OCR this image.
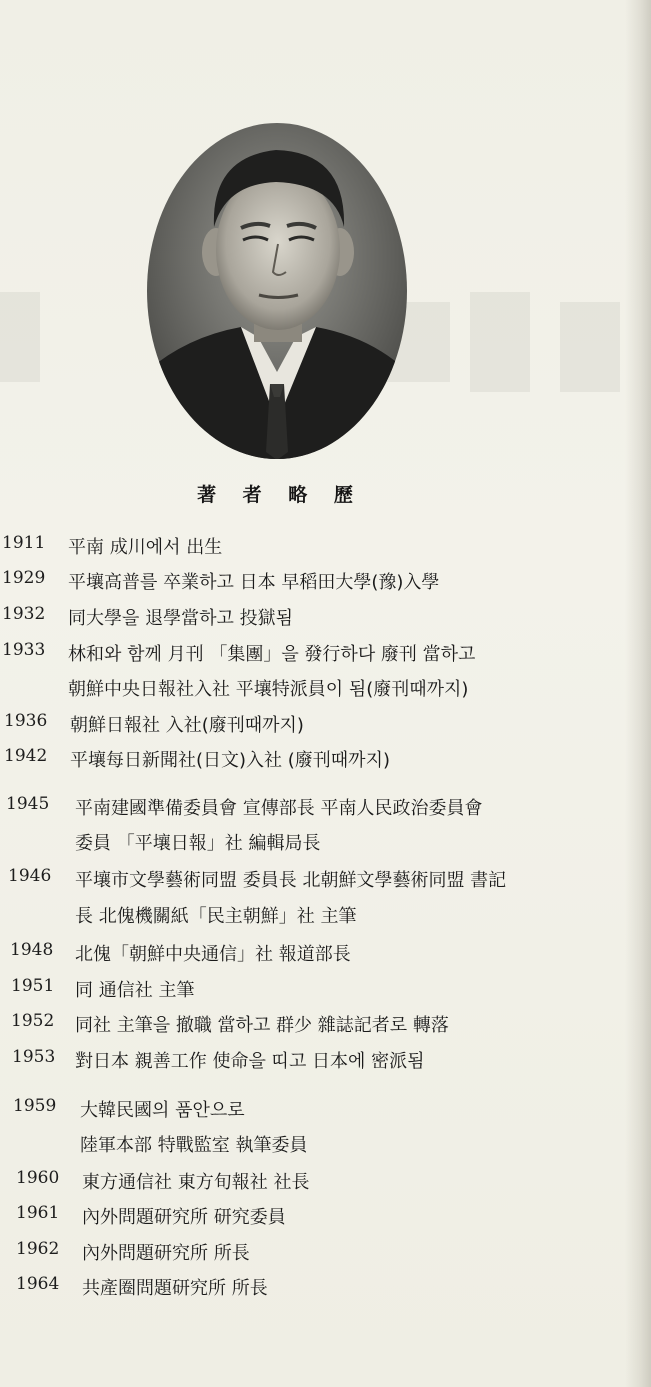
著 者 略 歷
1911 平南 成川에서 出生
1929 平壤高普를 卒業하고 日本 早稻田大學(豫)入學
1932 同大學을 退學當하고 投獄됨
1933 林和와 함께 月刊 「集團」을 發行하다 廢刊 當하고
朝鮮中央日報社入社 平壤特派員이 됨(廢刊때까지)
1936 朝鮮日報社 入社(廢刊때까지)
1942 平壤每日新聞社(日文)入社 (廢刊때까지)
1945 平南建國準備委員會 宣傳部長 平南人民政治委員會
委員 「平壤日報」社 編輯局長
1946 平壤市文學藝術同盟 委員長 北朝鮮文學藝術同盟 書記
長 北傀機關紙「民主朝鮮」社 主筆
1948 北傀「朝鮮中央通信」社 報道部長
1951 同 通信社 主筆
1952 同社 主筆을 撤職 當하고 群少 雜誌記者로 轉落
1953 對日本 親善工作 使命을 띠고 日本에 密派됨
1959 大韓民國의 품안으로
陸軍本部 特戰監室 執筆委員
1960 東方通信社 東方旬報社 社長
1961 內外問題研究所 研究委員
1962 內外問題研究所 所長
1964 共產圈問題研究所 所長
